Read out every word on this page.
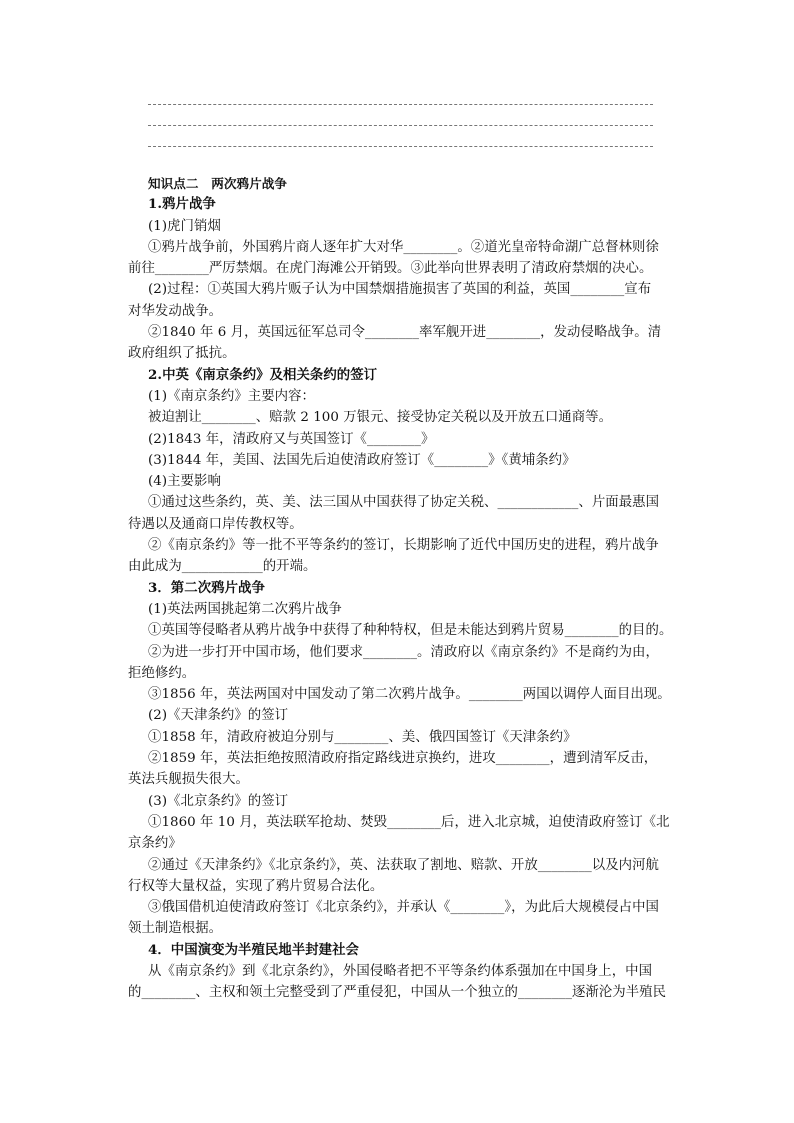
知识点二　两次鸦片战争
1.鸦片战争
(1)虎门销烟
①鸦片战争前，外国鸦片商人逐年扩大对华________。②道光皇帝特命湖广总督林则徐
前往________严厉禁烟。在虎门海滩公开销毁。③此举向世界表明了清政府禁烟的决心。
(2)过程：①英国大鸦片贩子认为中国禁烟措施损害了英国的利益，英国________宣布
对华发动战争。
②1840 年 6 月，英国远征军总司令________率军舰开进________，发动侵略战争。清
政府组织了抵抗。
2.中英《南京条约》及相关条约的签订
(1)《南京条约》主要内容：
被迫割让________、赔款 2 100 万银元、接受协定关税以及开放五口通商等。
(2)1843 年，清政府又与英国签订《________》
(3)1844 年，美国、法国先后迫使清政府签订《________》《黄埔条约》
(4)主要影响
①通过这些条约，英、美、法三国从中国获得了协定关税、____________、片面最惠国
待遇以及通商口岸传教权等。
②《南京条约》等一批不平等条约的签订，长期影响了近代中国历史的进程，鸦片战争
由此成为____________的开端。
3．第二次鸦片战争
(1)英法两国挑起第二次鸦片战争
①英国等侵略者从鸦片战争中获得了种种特权，但是未能达到鸦片贸易________的目的。
②为进一步打开中国市场，他们要求________。清政府以《南京条约》不是商约为由，
拒绝修约。
③1856 年，英法两国对中国发动了第二次鸦片战争。________两国以调停人面目出现。
(2)《天津条约》的签订
①1858 年，清政府被迫分别与________、美、俄四国签订《天津条约》
②1859 年，英法拒绝按照清政府指定路线进京换约，进攻________，遭到清军反击，
英法兵舰损失很大。
(3)《北京条约》的签订
①1860 年 10 月，英法联军抢劫、焚毁________后，进入北京城，迫使清政府签订《北
京条约》
②通过《天津条约》《北京条约》，英、法获取了割地、赔款、开放________以及内河航
行权等大量权益，实现了鸦片贸易合法化。
③俄国借机迫使清政府签订《北京条约》，并承认《________》，为此后大规模侵占中国
领土制造根据。
4．中国演变为半殖民地半封建社会
从《南京条约》到《北京条约》，外国侵略者把不平等条约体系强加在中国身上，中国
的________、主权和领土完整受到了严重侵犯，中国从一个独立的________逐渐沦为半殖民
